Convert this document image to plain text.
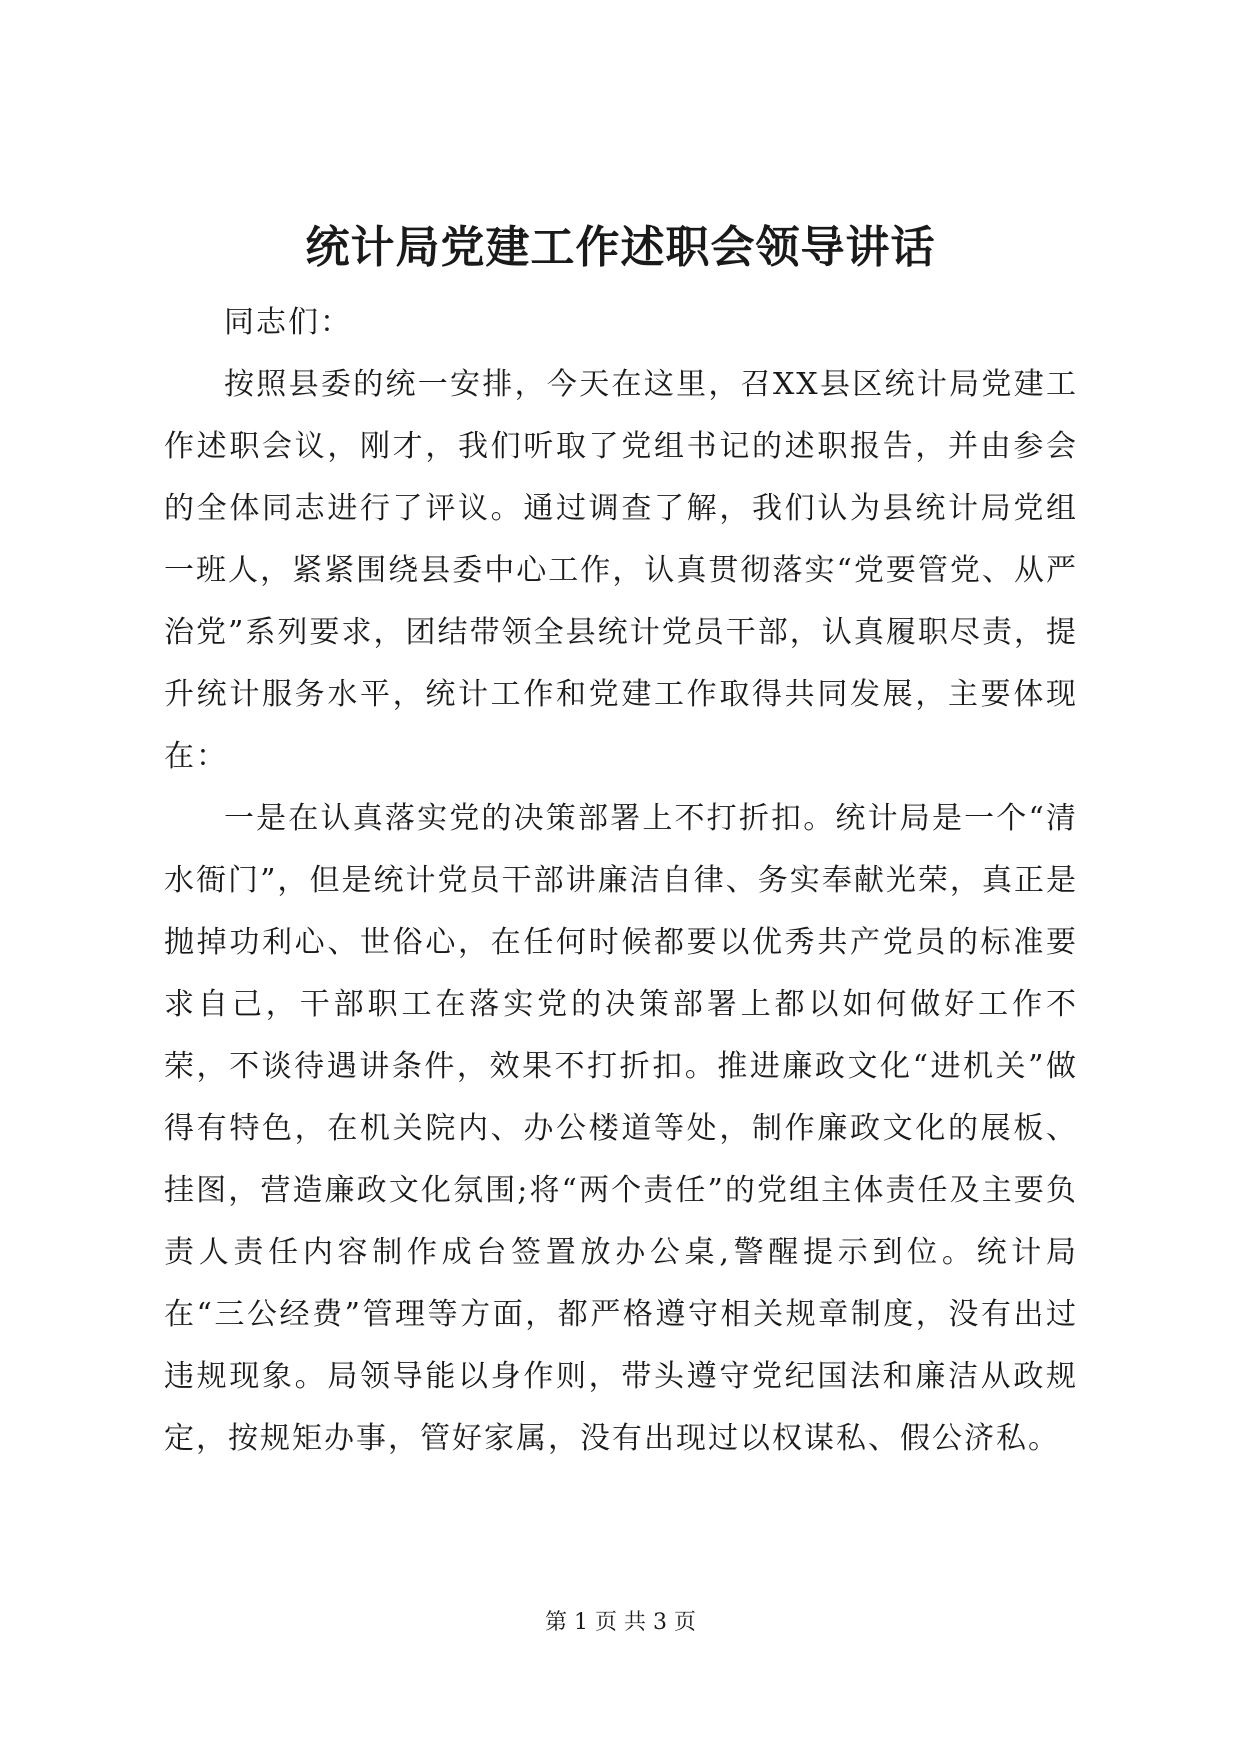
统计局党建工作述职会领导讲话

同志们：

按照县委的统一安排，今天在这里，召XX县区统计局党建工作述职会议，刚才，我们听取了党组书记的述职报告，并由参会的全体同志进行了评议。通过调查了解，我们认为县统计局党组一班人，紧紧围绕县委中心工作，认真贯彻落实“党要管党、从严治党”系列要求，团结带领全县统计党员干部，认真履职尽责，提升统计服务水平，统计工作和党建工作取得共同发展，主要体现在：

一是在认真落实党的决策部署上不打折扣。统计局是一个“清水衙门”，但是统计党员干部讲廉洁自律、务实奉献光荣，真正是抛掉功利心、世俗心，在任何时候都要以优秀共产党员的标准要求自己，干部职工在落实党的决策部署上都以如何做好工作不荣，不谈待遇讲条件，效果不打折扣。推进廉政文化“进机关”做得有特色，在机关院内、办公楼道等处，制作廉政文化的展板、挂图，营造廉政文化氛围;将“两个责任”的党组主体责任及主要负责人责任内容制作成台签置放办公桌,警醒提示到位。统计局在“三公经费”管理等方面，都严格遵守相关规章制度，没有出过违规现象。局领导能以身作则，带头遵守党纪国法和廉洁从政规定，按规矩办事，管好家属，没有出现过以权谋私、假公济私。

第 1 页 共 3 页
